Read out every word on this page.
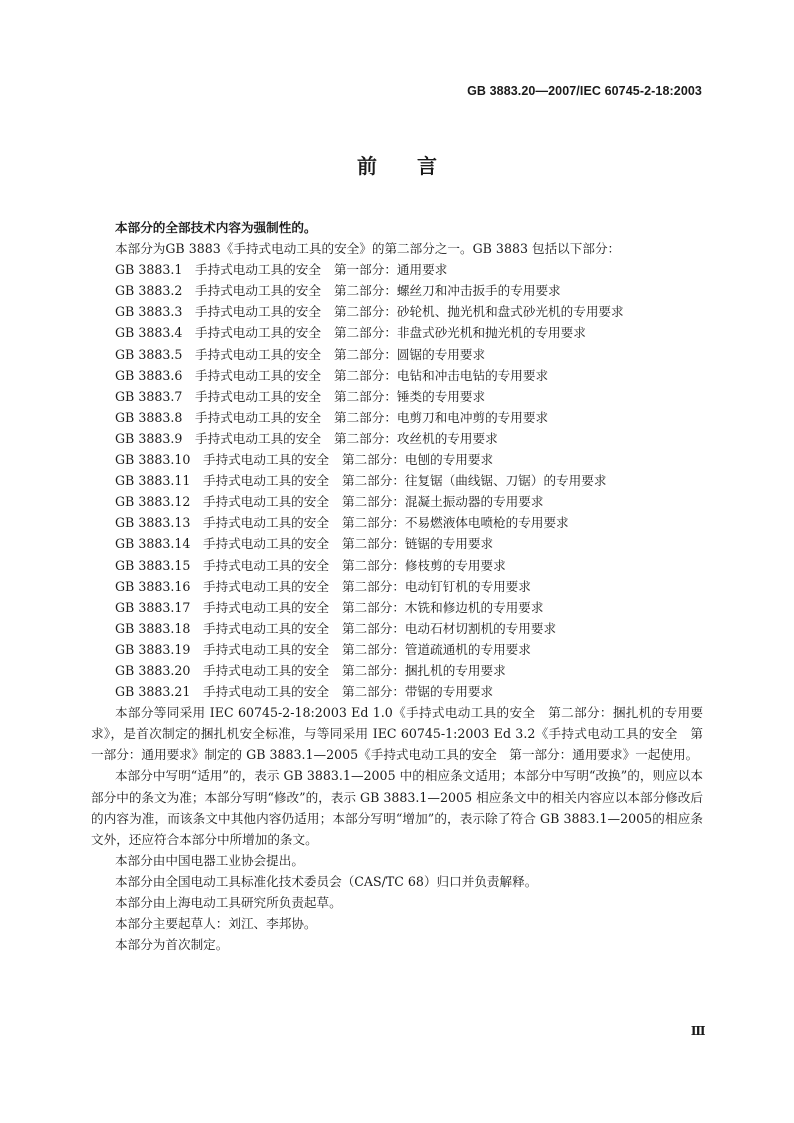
GB 3883.20—2007/IEC 60745-2-18:2003
前言

本部分的全部技术内容为强制性的。

本部分为GB 3883《手持式电动工具的安全》的第二部分之一。GB 3883 包括以下部分：

GB 3883.1 手持式电动工具的安全 第一部分：通用要求

GB 3883.2 手持式电动工具的安全 第二部分：螺丝刀和冲击扳手的专用要求

GB 3883.3 手持式电动工具的安全 第二部分：砂轮机、抛光机和盘式砂光机的专用要求

GB 3883.4 手持式电动工具的安全 第二部分：非盘式砂光机和抛光机的专用要求

GB 3883.5 手持式电动工具的安全 第二部分：圆锯的专用要求

GB 3883.6 手持式电动工具的安全 第二部分：电钻和冲击电钻的专用要求

GB 3883.7 手持式电动工具的安全 第二部分：锤类的专用要求

GB 3883.8 手持式电动工具的安全 第二部分：电剪刀和电冲剪的专用要求

GB 3883.9 手持式电动工具的安全 第二部分：攻丝机的专用要求

GB 3883.10 手持式电动工具的安全 第二部分：电刨的专用要求

GB 3883.11 手持式电动工具的安全 第二部分：往复锯（曲线锯、刀锯）的专用要求

GB 3883.12 手持式电动工具的安全 第二部分：混凝土振动器的专用要求

GB 3883.13 手持式电动工具的安全 第二部分：不易燃液体电喷枪的专用要求

GB 3883.14 手持式电动工具的安全 第二部分：链锯的专用要求

GB 3883.15 手持式电动工具的安全 第二部分：修枝剪的专用要求

GB 3883.16 手持式电动工具的安全 第二部分：电动钉钉机的专用要求

GB 3883.17 手持式电动工具的安全 第二部分：木铣和修边机的专用要求

GB 3883.18 手持式电动工具的安全 第二部分：电动石材切割机的专用要求

GB 3883.19 手持式电动工具的安全 第二部分：管道疏通机的专用要求

GB 3883.20 手持式电动工具的安全 第二部分：捆扎机的专用要求

GB 3883.21 手持式电动工具的安全 第二部分：带锯的专用要求

本部分等同采用 IEC 60745-2-18:2003 Ed 1.0《手持式电动工具的安全　第二部分：捆扎机的专用要求》，是首次制定的捆扎机安全标准，与等同采用 IEC 60745-1:2003 Ed 3.2《手持式电动工具的安全　第一部分：通用要求》制定的 GB 3883.1—2005《手持式电动工具的安全　第一部分：通用要求》一起使用。

本部分中写明“适用”的，表示 GB 3883.1—2005 中的相应条文适用；本部分中写明“改换”的，则应以本部分中的条文为准；本部分写明“修改”的，表示 GB 3883.1—2005 相应条文中的相关内容应以本部分修改后的内容为准，而该条文中其他内容仍适用；本部分写明“增加”的，表示除了符合 GB 3883.1—2005的相应条文外，还应符合本部分中所增加的条文。

本部分由中国电器工业协会提出。

本部分由全国电动工具标准化技术委员会（CAS/TC 68）归口并负责解释。

本部分由上海电动工具研究所负责起草。

本部分主要起草人：刘江、李邦协。

本部分为首次制定。

Ⅲ
